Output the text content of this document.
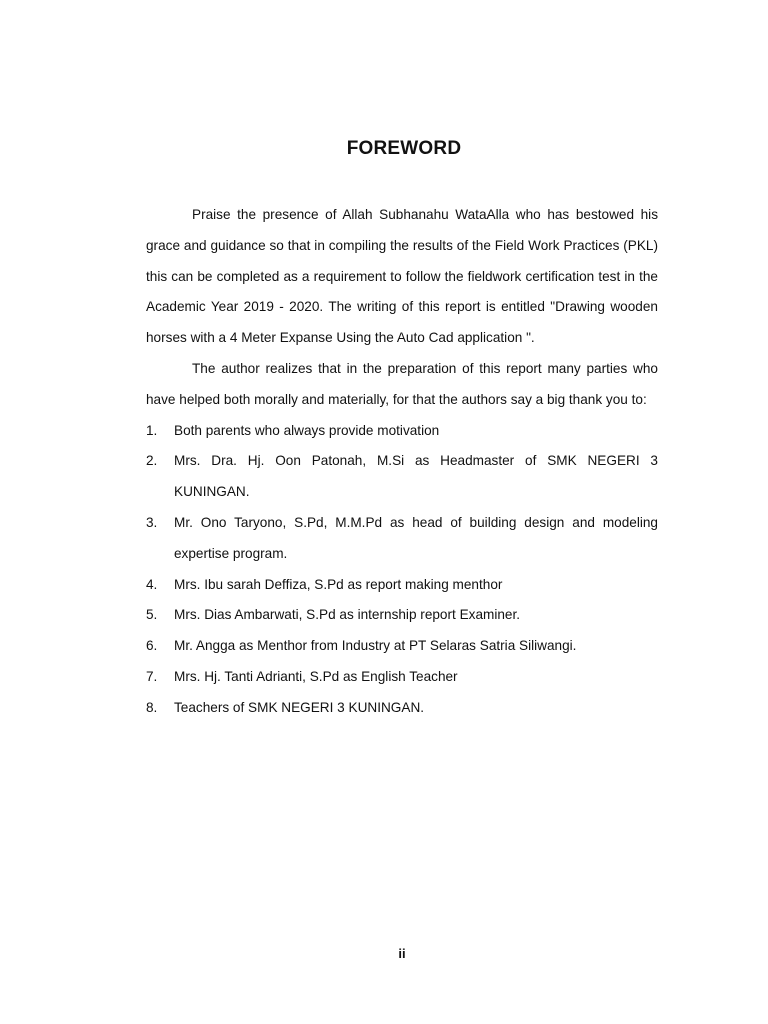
FOREWORD

Praise the presence of Allah Subhanahu WataAlla who has bestowed his grace and guidance so that in compiling the results of the Field Work Practices (PKL) this can be completed as a requirement to follow the fieldwork certification test in the Academic Year 2019 - 2020. The writing of this report is entitled "Drawing wooden horses with a 4 Meter Expanse Using the Auto Cad application ".

The author realizes that in the preparation of this report many parties who have helped both morally and materially, for that the authors say a big thank you to:

1. Both parents who always provide motivation
2. Mrs. Dra. Hj. Oon Patonah, M.Si as Headmaster of SMK NEGERI 3 KUNINGAN.
3. Mr. Ono Taryono, S.Pd, M.M.Pd as head of building design and modeling expertise program.
4. Mrs. Ibu sarah Deffiza, S.Pd as report making menthor
5. Mrs. Dias Ambarwati, S.Pd as internship report Examiner.
6. Mr. Angga as Menthor from Industry at PT Selaras Satria Siliwangi.
7. Mrs. Hj. Tanti Adrianti, S.Pd as English Teacher
8. Teachers of SMK NEGERI 3 KUNINGAN.
ii
